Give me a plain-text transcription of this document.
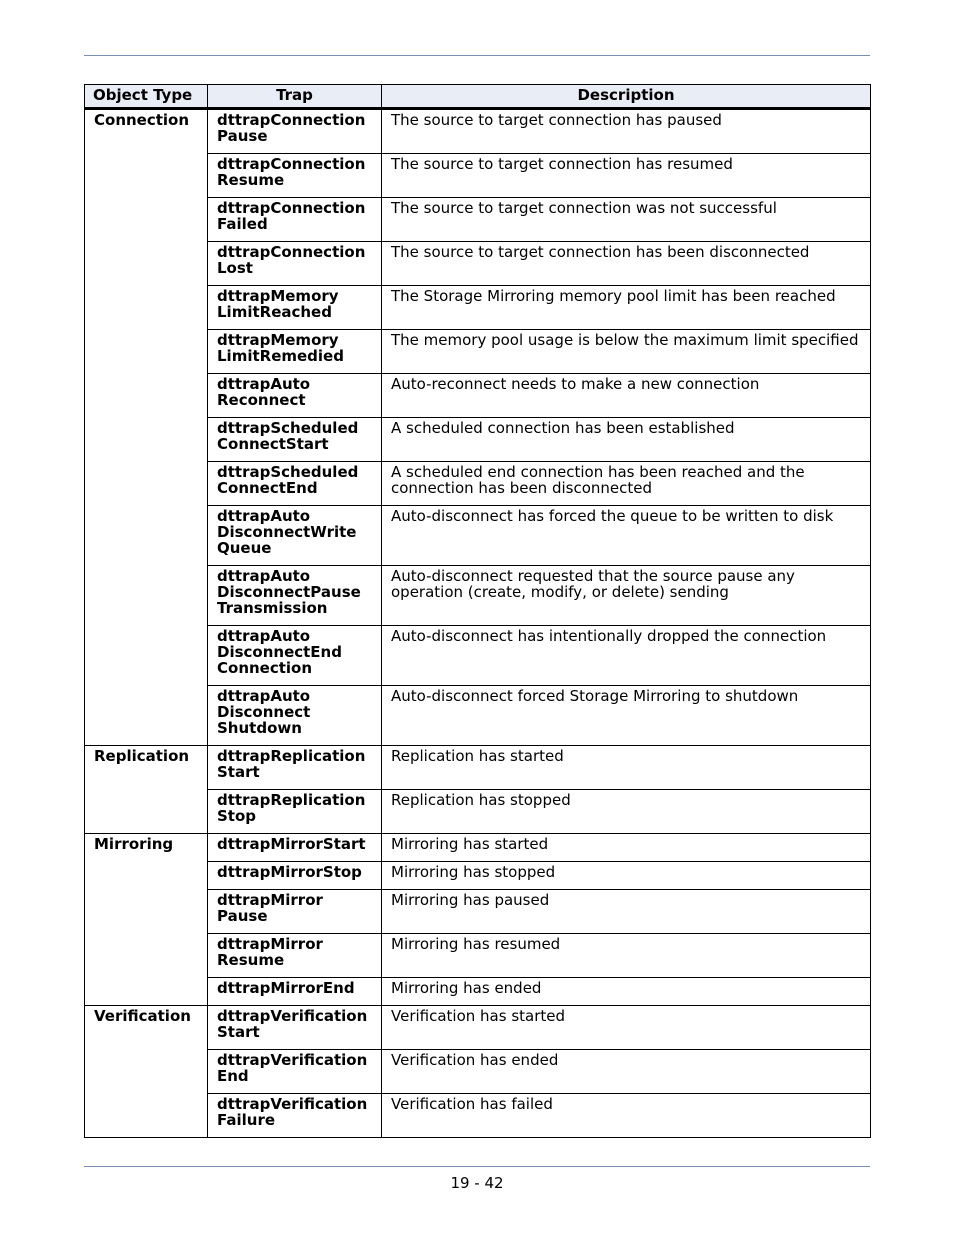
Object Type	Trap	Description
Connection	dttrapConnection Pause	The source to target connection has paused
	dttrapConnection Resume	The source to target connection has resumed
	dttrapConnection Failed	The source to target connection was not successful
	dttrapConnection Lost	The source to target connection has been disconnected
	dttrapMemory LimitReached	The Storage Mirroring memory pool limit has been reached
	dttrapMemory LimitRemedied	The memory pool usage is below the maximum limit specified
	dttrapAuto Reconnect	Auto-reconnect needs to make a new connection
	dttrapScheduled ConnectStart	A scheduled connection has been established
	dttrapScheduled ConnectEnd	A scheduled end connection has been reached and the connection has been disconnected
	dttrapAuto DisconnectWrite Queue	Auto-disconnect has forced the queue to be written to disk
	dttrapAuto DisconnectPause Transmission	Auto-disconnect requested that the source pause any operation (create, modify, or delete) sending
	dttrapAuto DisconnectEnd Connection	Auto-disconnect has intentionally dropped the connection
	dttrapAuto Disconnect Shutdown	Auto-disconnect forced Storage Mirroring to shutdown
Replication	dttrapReplication Start	Replication has started
	dttrapReplication Stop	Replication has stopped
Mirroring	dttrapMirrorStart	Mirroring has started
	dttrapMirrorStop	Mirroring has stopped
	dttrapMirror Pause	Mirroring has paused
	dttrapMirror Resume	Mirroring has resumed
	dttrapMirrorEnd	Mirroring has ended
Verification	dttrapVerification Start	Verification has started
	dttrapVerification End	Verification has ended
	dttrapVerification Failure	Verification has failed
19 - 42
